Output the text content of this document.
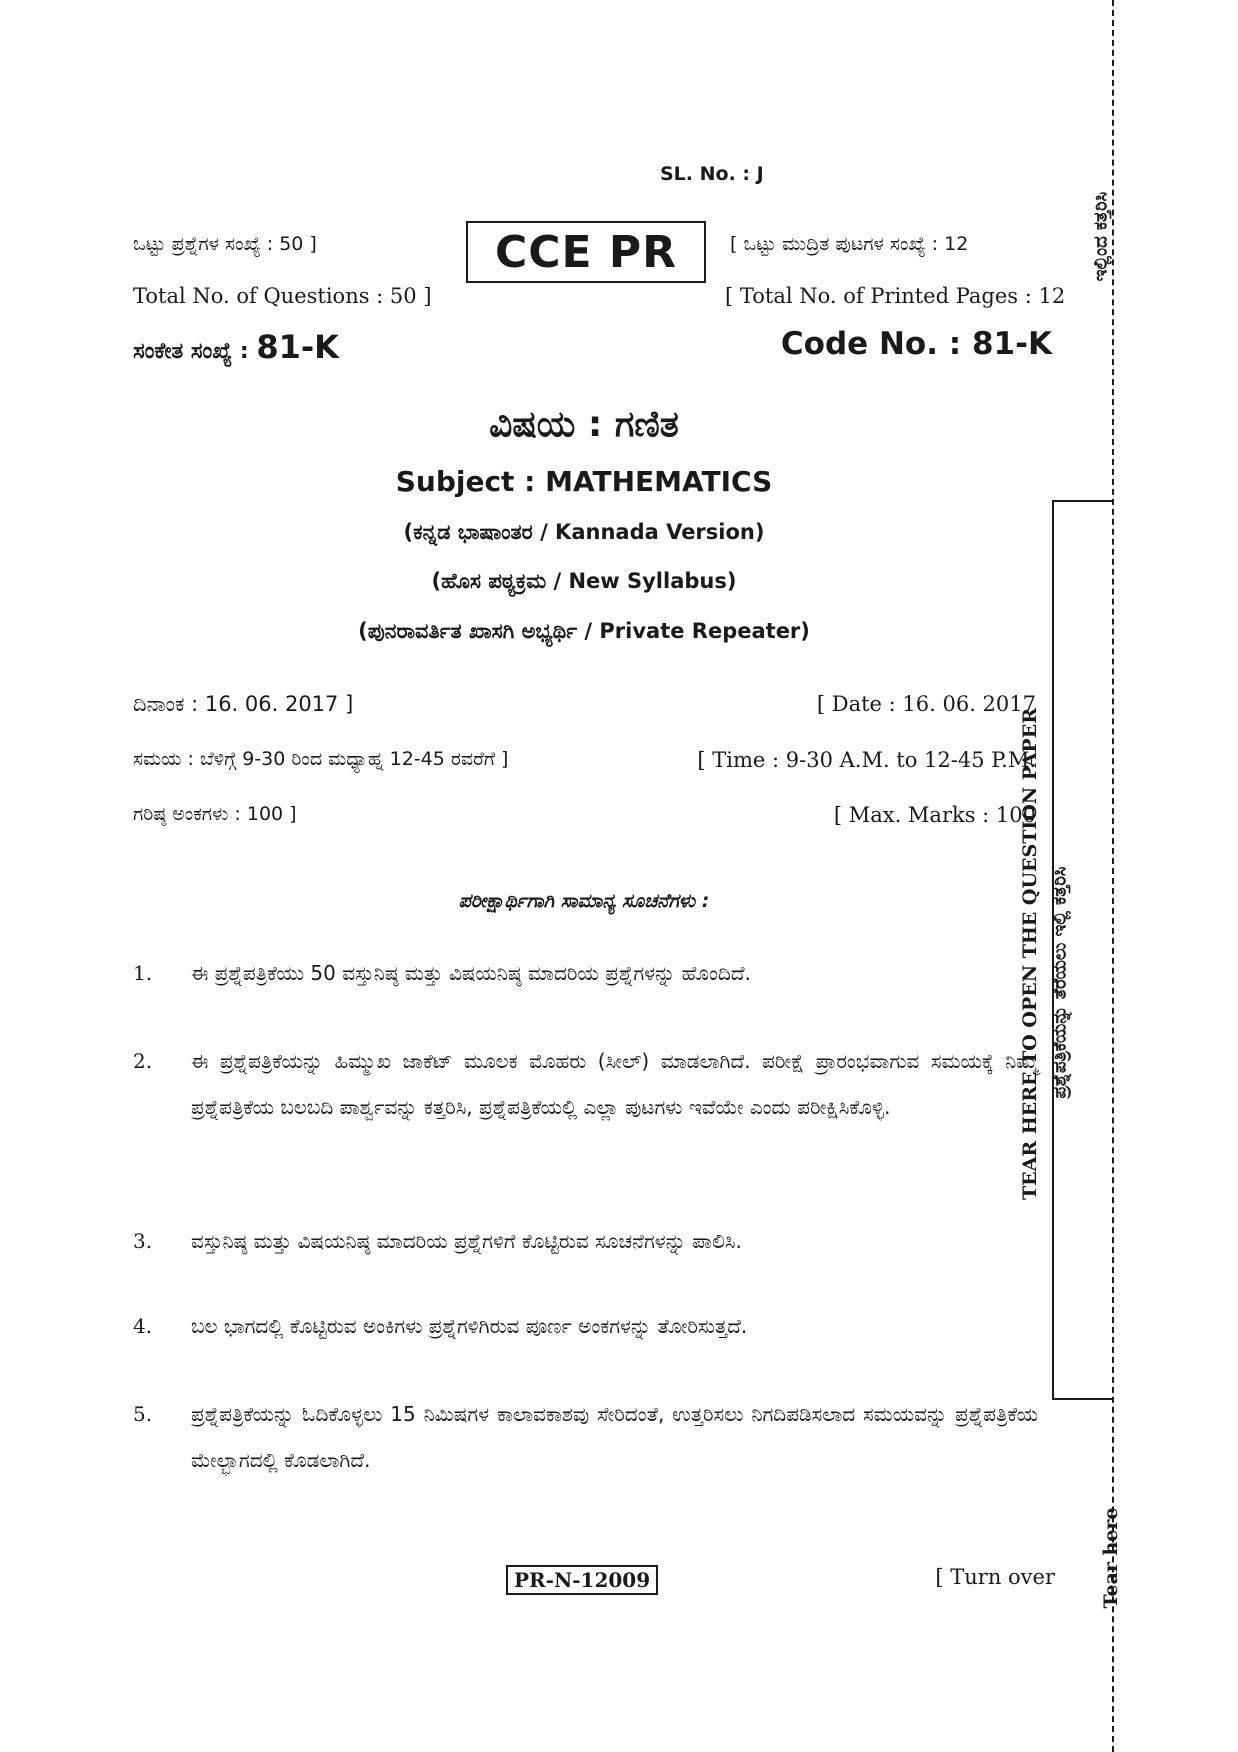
SL. No. : J
ಒಟ್ಟು ಪ್ರಶ್ನೆಗಳ ಸಂಖ್ಯೆ : 50 ]
Total No. of Questions : 50 ]
CCE PR	[ ಒಟ್ಟು ಮುದ್ರಿತ ಪುಟಗಳ ಸಂಖ್ಯೆ : 12
[ Total No. of Printed Pages : 12
ಸಂಕೇತ ಸಂಖ್ಯೆ : 81-K	Code No. : 81-K
ವಿಷಯ : ಗಣಿತ
Subject : MATHEMATICS
(ಕನ್ನಡ ಭಾಷಾಂತರ / Kannada Version)
(ಹೊಸ ಪಠ್ಯಕ್ರಮ / New Syllabus)
(ಪುನರಾವರ್ತಿತ ಖಾಸಗಿ ಅಭ್ಯರ್ಥಿ / Private Repeater)
ದಿನಾಂಕ : 16. 06. 2017 ]	[ Date : 16. 06. 2017
ಸಮಯ : ಬೆಳಿಗ್ಗೆ 9-30 ರಿಂದ ಮಧ್ಯಾಹ್ನ 12-45 ರವರೆಗೆ ]	[ Time : 9-30 A.M. to 12-45 P.M.
ಗರಿಷ್ಠ ಅಂಕಗಳು : 100 ]	[ Max. Marks : 100
ಪರೀಕ್ಷಾರ್ಥಿಗಾಗಿ ಸಾಮಾನ್ಯ ಸೂಚನೆಗಳು :
1. ಈ ಪ್ರಶ್ನೆಪತ್ರಿಕೆಯು 50 ವಸ್ತುನಿಷ್ಠ ಮತ್ತು ವಿಷಯನಿಷ್ಠ ಮಾದರಿಯ ಪ್ರಶ್ನೆಗಳನ್ನು ಹೊಂದಿದೆ.
2. ಈ ಪ್ರಶ್ನೆಪತ್ರಿಕೆಯನ್ನು ಹಿಮ್ಮುಖ ಜಾಕೆಟ್ ಮೂಲಕ ಮೊಹರು (ಸೀಲ್) ಮಾಡಲಾಗಿದೆ. ಪರೀಕ್ಷೆ ಪ್ರಾರಂಭವಾಗುವ ಸಮಯಕ್ಕೆ ನಿಮ್ಮ ಪ್ರಶ್ನೆಪತ್ರಿಕೆಯ ಬಲಬದಿ ಪಾರ್ಶ್ವವನ್ನು ಕತ್ತರಿಸಿ, ಪ್ರಶ್ನೆಪತ್ರಿಕೆಯಲ್ಲಿ ಎಲ್ಲಾ ಪುಟಗಳು ಇವೆಯೇ ಎಂದು ಪರೀಕ್ಷಿಸಿಕೊಳ್ಳಿ.
3. ವಸ್ತುನಿಷ್ಠ ಮತ್ತು ವಿಷಯನಿಷ್ಠ ಮಾದರಿಯ ಪ್ರಶ್ನೆಗಳಿಗೆ ಕೊಟ್ಟಿರುವ ಸೂಚನೆಗಳನ್ನು ಪಾಲಿಸಿ.
4. ಬಲ ಭಾಗದಲ್ಲಿ ಕೊಟ್ಟಿರುವ ಅಂಕಿಗಳು ಪ್ರಶ್ನೆಗಳಿಗಿರುವ ಪೂರ್ಣ ಅಂಕಗಳನ್ನು ತೋರಿಸುತ್ತದೆ.
5. ಪ್ರಶ್ನೆಪತ್ರಿಕೆಯನ್ನು ಓದಿಕೊಳ್ಳಲು 15 ನಿಮಿಷಗಳ ಕಾಲಾವಕಾಶವು ಸೇರಿದಂತೆ, ಉತ್ತರಿಸಲು ನಿಗದಿಪಡಿಸಲಾದ ಸಮಯವನ್ನು ಪ್ರಶ್ನೆಪತ್ರಿಕೆಯ ಮೇಲ್ಭಾಗದಲ್ಲಿ ಕೊಡಲಾಗಿದೆ.
PR-N-12009	[ Turn over
ಇಲ್ಲಿಂದ ಕತ್ತರಿಸಿ
TEAR HERE TO OPEN THE QUESTION PAPER ಪ್ರಶ್ನೆಪತ್ರಿಕೆಯನ್ನು ತೆರೆಯಲು ಇಲ್ಲಿ ಕತ್ತರಿಸಿ
Tear here
